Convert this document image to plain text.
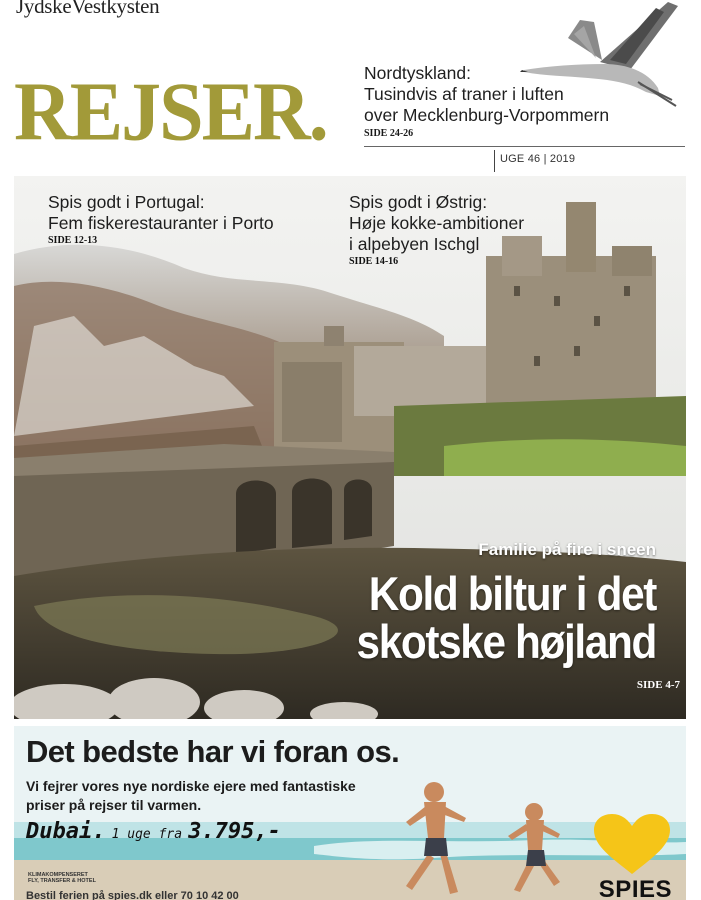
JydskeVestkysten
REJSER. Nordtyskland:
Tusindvis af traner i luften
over Mecklenburg-Vorpommern
SIDE 24-26
UGE 46 | 2019
Spis godt i Portugal:
Fem fiskerestauranter i Porto
SIDE 12-13
Spis godt i Østrig:
Høje kokke-ambitioner
i alpebyen Ischgl
SIDE 14-16
Familie på fire i sneen
Kold biltur i det
skotske højland
SIDE 4-7
Det bedste har vi foran os.
Vi fejrer vores nye nordiske ejere med fantastiske
priser på rejser til varmen.
Dubai. 1 uge fra 3.795,-
KLIMAKOMPENSERET
FLY, TRANSFER & HOTEL
Bestil ferien på spies.dk eller 70 10 42 00	SPIES
